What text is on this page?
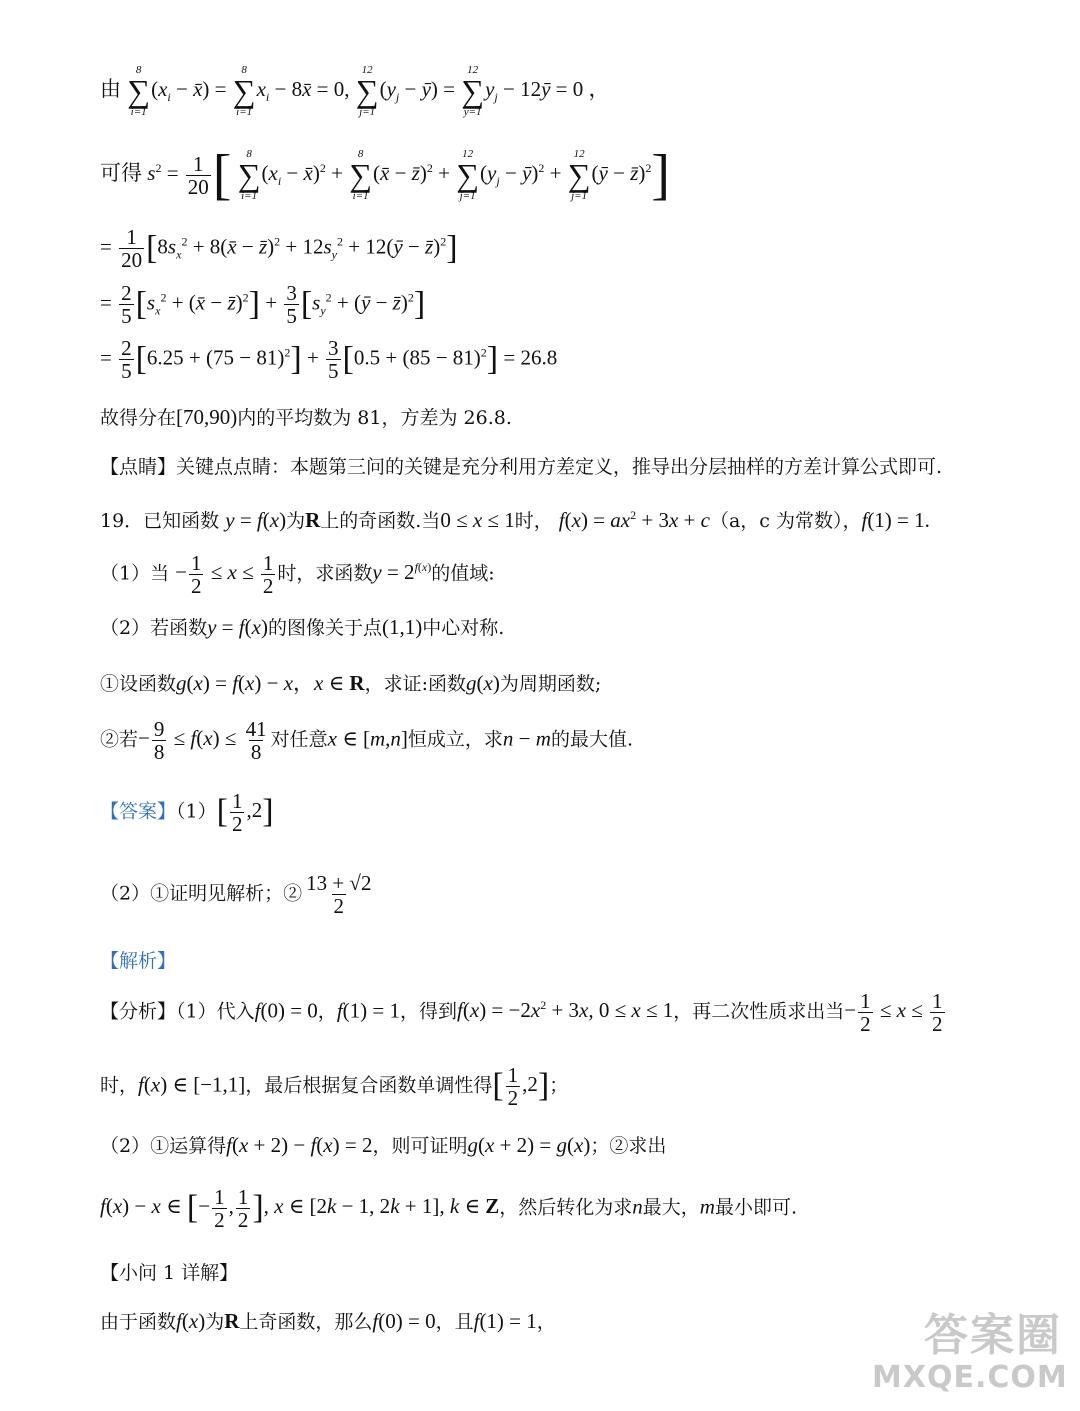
由
8
∑
i=1
($x_i$ − x̄) =
8
∑
i=1
$x_i$ − 8x̄ = 0,
12
∑
j=1
($y_j$ − ȳ) =
12
∑
y=1
$y_j$ − 12ȳ = 0 ，
可得 $s^2 = \frac{1}{20}$ [ 8
∑
i=1
($x_i$ − x̄)$^2$ +
8
∑
i=1
(x̄ − z̄)$^2$ +
12
∑
j=1
($y_j$ − ȳ)$^2$ +
12
∑
j=1
(ȳ − z̄)$^2$]
= $\frac{1}{20} [8s_x^2$ + 8(x̄ − z̄)$^2$ + $12s_y^2$ + 12(ȳ − z̄)$^2$]
= $\frac{2}{5} [s_x^2$ + (x̄ − z̄)$^2$] + $\frac{3}{5} [s_y^2$ + (ȳ − z̄)$^2$]
= $\frac{2}{5} [6.25 + (75 - 81)^2] + \frac{3}{5} [0.5 + (85 - 81)^2] = 26.8$
故得分在[70,90)内的平均数为 81，方差为 26.8.
【点睛】关键点点睛：本题第三问的关键是充分利用方差定义，推导出分层抽样的方差计算公式即可.
19．已知函数 y = f(x)为R上的奇函数.当0 ≤ x ≤ 1时， $f(x) = ax^2 + 3x + c(a$，c 为常数），f(1) = 1.
（1）当 − $\frac{1}{2} \le x \le \frac{1}{2}$ 时，求函数$y = 2^{f(x)}$的值域:
（2）若函数y = f(x)的图像关于点(1,1)中心对称.
①设函数g(x) = f(x) − x，x ∈ R，求证:函数g(x)为周期函数;
②若− $\frac{9}{8} \le f(x) \le \frac{41}{8}$ 对任意x ∈ [m,n]恒成立，求n − m的最大值.
【答案】$(1)[ \frac{1}{2} ,2]$
（2）①证明见解析；② $\frac{13 + √2}{2}$
【解析】
【分析】（1）代入f(0) = 0，f(1) = 1，得到$f(x) = -2x^2 + 3x$, 0 ≤ x ≤ 1，再二次性质求出当− $\frac{1}{2} \le x \le \frac{1}{2}$
时，f(x) ∈ [−1,1]，最后根据复合函数单调性得[ $\frac{1}{2} ,2$]；
（2）①运算得f(x + 2) − f(x) = 2，则可证明g(x + 2) = g(x)；②求出
f(x) − x ∈ [− $\frac{1}{2}$ , $\frac{1}{2}$ ], x ∈ [2k − 1, 2k + 1], k ∈ Z，然后转化为求n最大，m最小即可.
【小问 1 详解】
由于函数f(x)为R上奇函数，那么f(0) = 0，且f(1) = 1，	答案圈
MXQE.COM
